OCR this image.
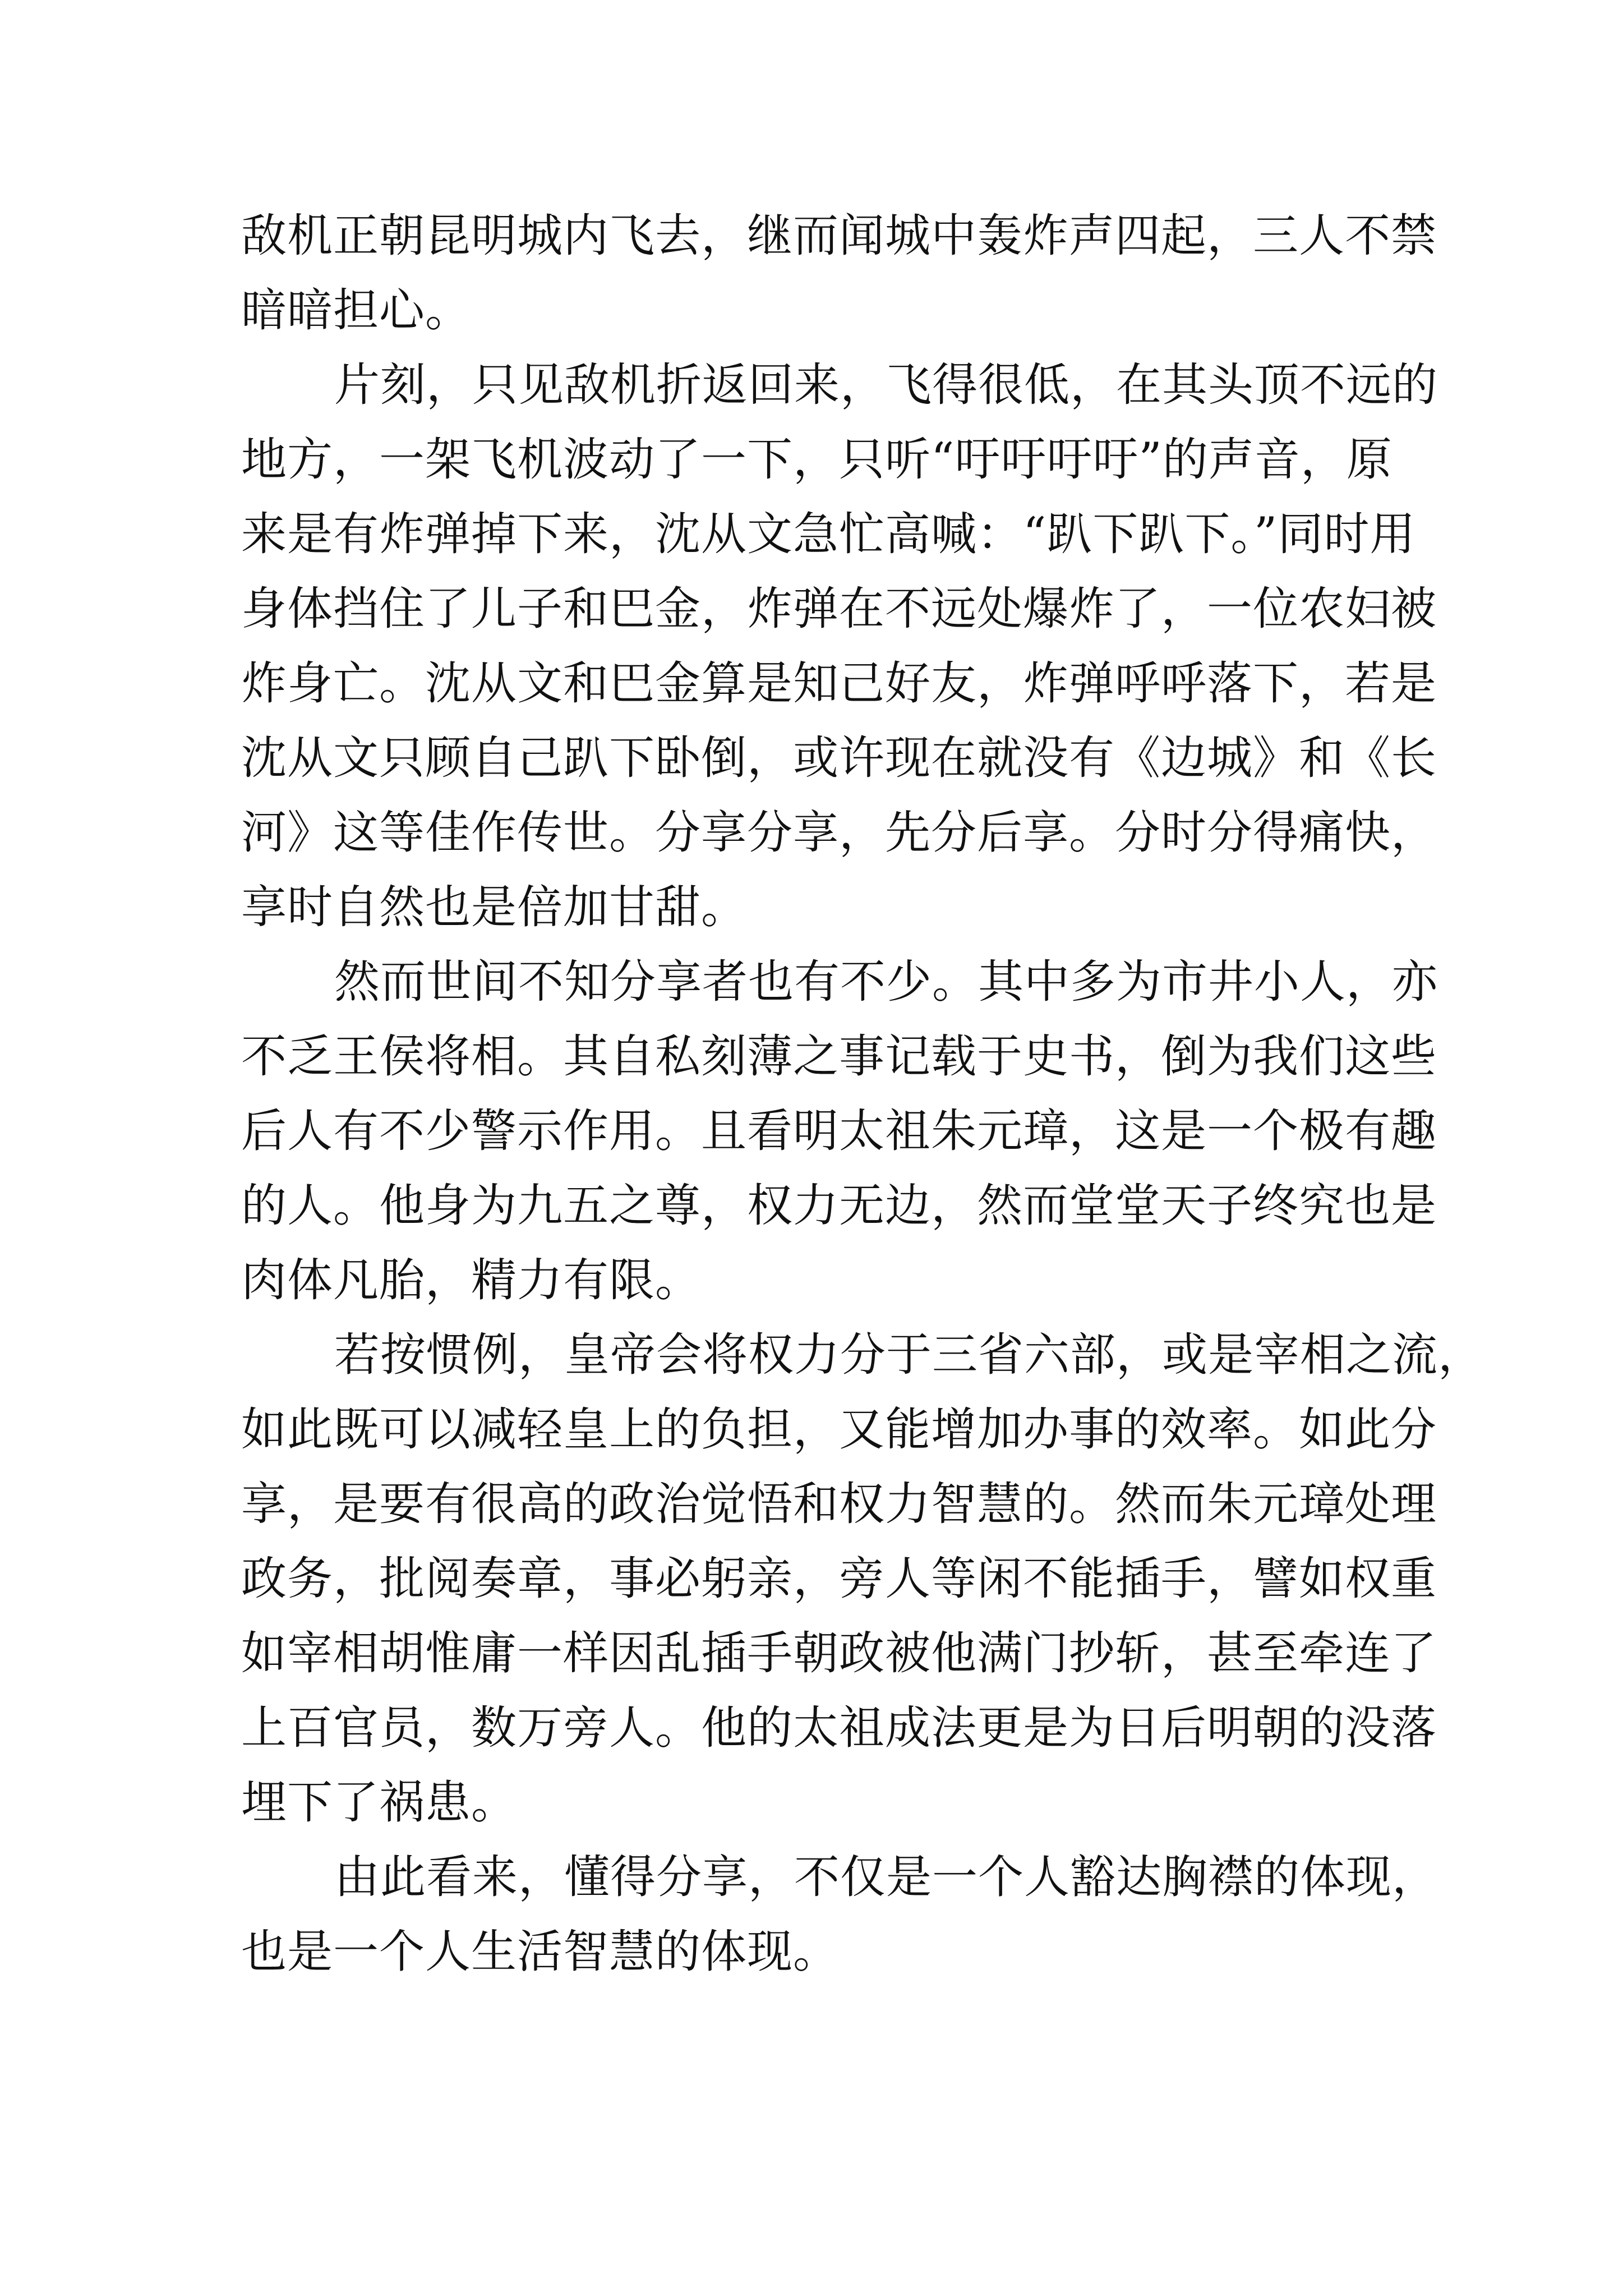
敌机正朝昆明城内飞去，继而闻城中轰炸声四起，三人不禁
暗暗担心。
片刻，只见敌机折返回来，飞得很低，在其头顶不远的
地方，一架飞机波动了一下，只听“吁吁吁吁”的声音，原
来是有炸弹掉下来，沈从文急忙高喊：“趴下趴下。”同时用
身体挡住了儿子和巴金，炸弹在不远处爆炸了，一位农妇被
炸身亡。沈从文和巴金算是知己好友，炸弹呼呼落下，若是
沈从文只顾自己趴下卧倒，或许现在就没有《边城》和《长
河》这等佳作传世。分享分享，先分后享。分时分得痛快，
享时自然也是倍加甘甜。
然而世间不知分享者也有不少。其中多为市井小人，亦
不乏王侯将相。其自私刻薄之事记载于史书，倒为我们这些
后人有不少警示作用。且看明太祖朱元璋，这是一个极有趣
的人。他身为九五之尊，权力无边，然而堂堂天子终究也是
肉体凡胎，精力有限。
若按惯例，皇帝会将权力分于三省六部，或是宰相之流，
如此既可以减轻皇上的负担，又能增加办事的效率。如此分
享，是要有很高的政治觉悟和权力智慧的。然而朱元璋处理
政务，批阅奏章，事必躬亲，旁人等闲不能插手，譬如权重
如宰相胡惟庸一样因乱插手朝政被他满门抄斩，甚至牵连了
上百官员，数万旁人。他的太祖成法更是为日后明朝的没落
埋下了祸患。
由此看来，懂得分享，不仅是一个人豁达胸襟的体现，
也是一个人生活智慧的体现。
